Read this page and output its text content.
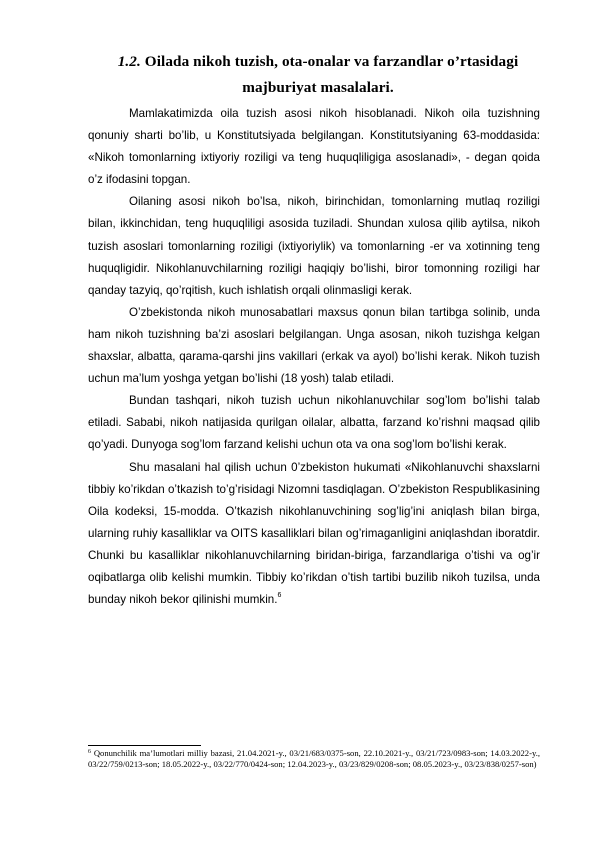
1.2. Oilada nikoh tuzish, ota-onalar va farzandlar o’rtasidagi
majburiyat masalalari.

Mamlakatimizda oila tuzish asosi nikoh hisoblanadi. Nikoh oila tuzishning qonuniy sharti bo’lib, u Konstitutsiyada belgilangan. Konstitutsiyaning 63-moddasida: «Nikoh tomonlarning ixtiyoriy roziligi va teng huquqliligiga asoslanadi», - degan qoida o’z ifodasini topgan.

Oilaning asosi nikoh bo’lsa, nikoh, birinchidan, tomonlarning mutlaq roziligi bilan, ikkinchidan, teng huquqliligi asosida tuziladi. Shundan xulosa qilib aytilsa, nikoh tuzish asoslari tomonlarning roziligi (ixtiyoriylik) va tomonlarning -er va xotinning teng huquqligidir. Nikohlanuvchilarning roziligi haqiqiy bo’lishi, biror tomonning roziligi har qanday tazyiq, qo’rqitish, kuch ishlatish orqali olinmasligi kerak.

O’zbekistonda nikoh munosabatlari maxsus qonun bilan tartibga solinib, unda ham nikoh tuzishning ba’zi asoslari belgilangan. Unga asosan, nikoh tuzishga kelgan shaxslar, albatta, qarama-qarshi jins vakillari (erkak va ayol) bo’lishi kerak. Nikoh tuzish uchun ma’lum yoshga yetgan bo’lishi (18 yosh) talab etiladi.

Bundan tashqari, nikoh tuzish uchun nikohlanuvchilar sog’lom bo’lishi talab etiladi. Sababi, nikoh natijasida qurilgan oilalar, albatta, farzand ko’rishni maqsad qilib qo’yadi. Dunyoga sog’lom farzand kelishi uchun ota va ona sog’lom bo’lishi kerak.

Shu masalani hal qilish uchun 0’zbekiston hukumati «Nikohlanuvchi shaxslarni tibbiy ko’rikdan o’tkazish to’g’risidagi Nizomni tasdiqlagan. O’zbekiston Respublikasining Oila kodeksi, 15-modda. O’tkazish nikohlanuvchining sog’lig’ini aniqlash bilan birga, ularning ruhiy kasalliklar va OITS kasalliklari bilan og’rimaganligini aniqlashdan iboratdir. Chunki bu kasalliklar nikohlanuvchilarning biridan-biriga, farzandlariga o’tishi va og’ir oqibatlarga olib kelishi mumkin. Tibbiy ko’rikdan o’tish tartibi buzilib nikoh tuzilsa, unda bunday nikoh bekor qilinishi mumkin.$^6$

$^6$ Qonunchilik ma’lumotlari milliy bazasi, 21.04.2021-y., 03/21/683/0375-son, 22.10.2021-y., 03/21/723/0983-son; 14.03.2022-y., 03/22/759/0213-son; 18.05.2022-y., 03/22/770/0424-son; 12.04.2023-y., 03/23/829/0208-son; 08.05.2023-y., 03/23/838/0257-son)
